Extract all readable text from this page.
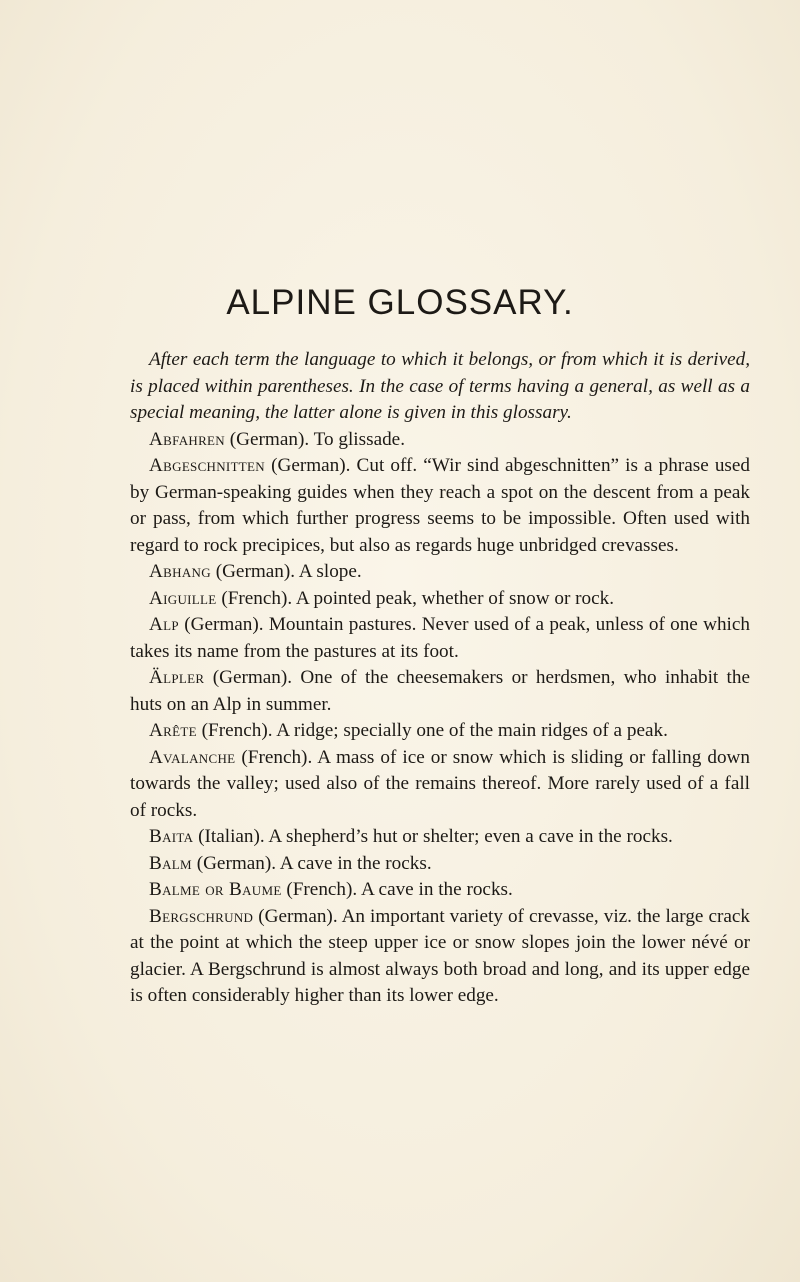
ALPINE GLOSSARY.

After each term the language to which it belongs, or from which it is derived, is placed within parentheses. In the case of terms having a general, as well as a special meaning, the latter alone is given in this glossary.

Abfahren (German). To glissade.

Abgeschnitten (German). Cut off. “Wir sind abgeschnitten” is a phrase used by German-speaking guides when they reach a spot on the descent from a peak or pass, from which further progress seems to be impossible. Often used with regard to rock precipices, but also as regards huge unbridged crevasses.

Abhang (German). A slope.

Aiguille (French). A pointed peak, whether of snow or rock.

Alp (German). Mountain pastures. Never used of a peak, unless of one which takes its name from the pastures at its foot.

Älpler (German). One of the cheesemakers or herdsmen, who inhabit the huts on an Alp in summer.

Arête (French). A ridge; specially one of the main ridges of a peak.

Avalanche (French). A mass of ice or snow which is sliding or falling down towards the valley; used also of the remains thereof. More rarely used of a fall of rocks.

Baita (Italian). A shepherd’s hut or shelter; even a cave in the rocks.

Balm (German). A cave in the rocks.

Balme or Baume (French). A cave in the rocks.

Bergschrund (German). An important variety of crevasse, viz. the large crack at the point at which the steep upper ice or snow slopes join the lower névé or glacier. A Bergschrund is almost always both broad and long, and its upper edge is often considerably higher than its lower edge.
